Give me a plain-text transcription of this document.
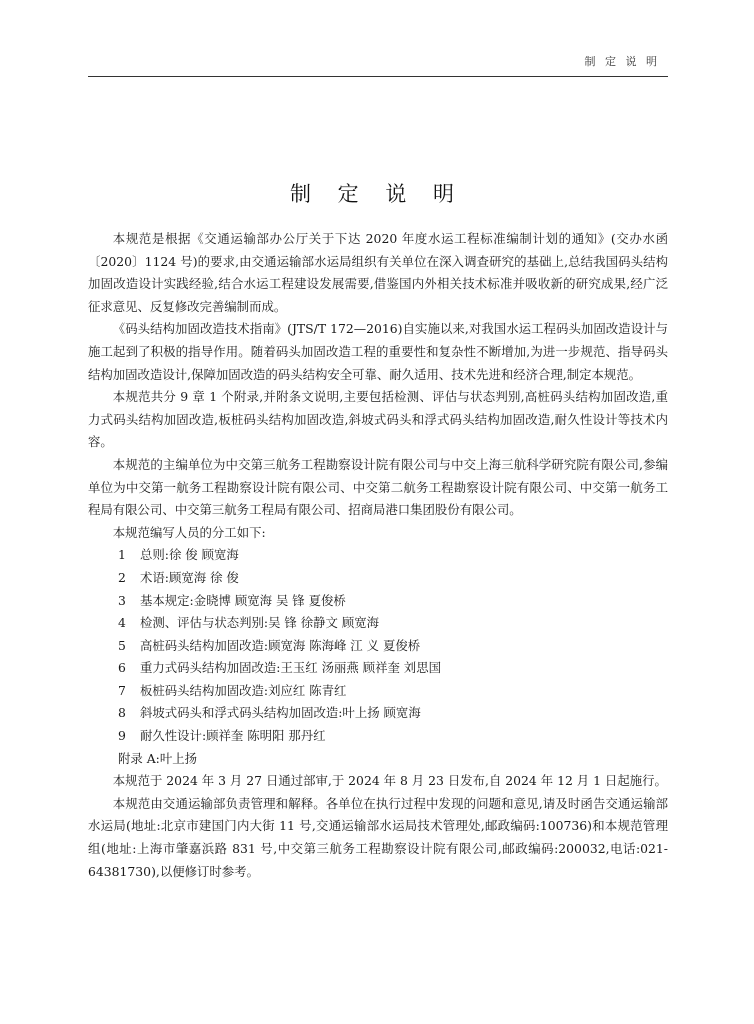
制 定 说 明
制 定 说 明

本规范是根据《交通运输部办公厅关于下达 2020 年度水运工程标准编制计划的通知》(交办水函〔2020〕1124 号)的要求,由交通运输部水运局组织有关单位在深入调查研究的基础上,总结我国码头结构加固改造设计实践经验,结合水运工程建设发展需要,借鉴国内外相关技术标准并吸收新的研究成果,经广泛征求意见、反复修改完善编制而成。

《码头结构加固改造技术指南》(JTS/T 172—2016)自实施以来,对我国水运工程码头加固改造设计与施工起到了积极的指导作用。随着码头加固改造工程的重要性和复杂性不断增加,为进一步规范、指导码头结构加固改造设计,保障加固改造的码头结构安全可靠、耐久适用、技术先进和经济合理,制定本规范。

本规范共分 9 章 1 个附录,并附条文说明,主要包括检测、评估与状态判别,高桩码头结构加固改造,重力式码头结构加固改造,板桩码头结构加固改造,斜坡式码头和浮式码头结构加固改造,耐久性设计等技术内容。

本规范的主编单位为中交第三航务工程勘察设计院有限公司与中交上海三航科学研究院有限公司,参编单位为中交第一航务工程勘察设计院有限公司、中交第二航务工程勘察设计院有限公司、中交第一航务工程局有限公司、中交第三航务工程局有限公司、招商局港口集团股份有限公司。

本规范编写人员的分工如下:

1 总则:徐 俊 顾宽海
2 术语:顾宽海 徐 俊
3 基本规定:金晓博 顾宽海 吴 锋 夏俊桥
4 检测、评估与状态判别:吴 锋 徐静文 顾宽海
5 高桩码头结构加固改造:顾宽海 陈海峰 江 义 夏俊桥
6 重力式码头结构加固改造:王玉红 汤丽燕 顾祥奎 刘思国
7 板桩码头结构加固改造:刘应红 陈青红
8 斜坡式码头和浮式码头结构加固改造:叶上扬 顾宽海
9 耐久性设计:顾祥奎 陈明阳 那丹红

附录 A:叶上扬

本规范于 2024 年 3 月 27 日通过部审,于 2024 年 8 月 23 日发布,自 2024 年 12 月 1 日起施行。

本规范由交通运输部负责管理和解释。各单位在执行过程中发现的问题和意见,请及时函告交通运输部水运局(地址:北京市建国门内大街 11 号,交通运输部水运局技术管理处,邮政编码:100736)和本规范管理组(地址:上海市肇嘉浜路 831 号,中交第三航务工程勘察设计院有限公司,邮政编码:200032,电话:021-64381730),以便修订时参考。
